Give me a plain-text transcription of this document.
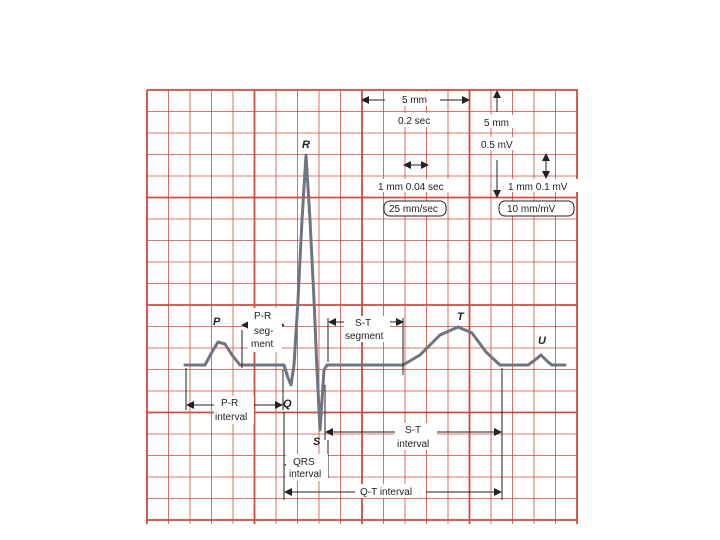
P
Q
R
S
T
U
5 mm
0.2 sec	5 mm
0.5 mV
1 mm 0.04 sec	1 mm 0.1 mV
25 mm/sec	10 mm/mV
P-R
seg-
ment
P-R
interval
S-T
segment
S-T
interval
QRS
interval
Q-T interval
